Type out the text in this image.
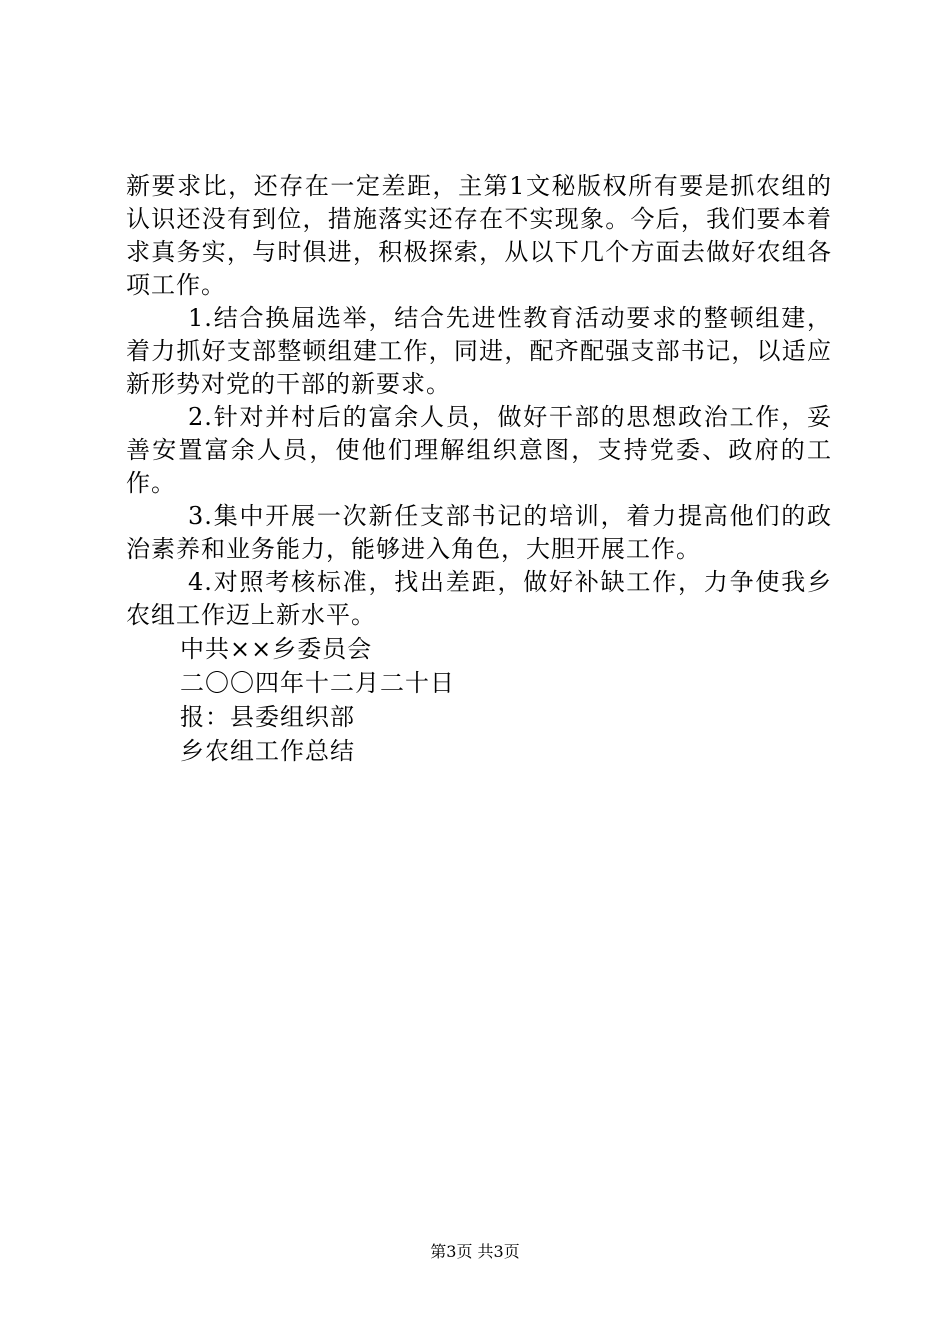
新要求比，还存在一定差距，主第1文秘版权所有要是抓农组的认识还没有到位，措施落实还存在不实现象。今后，我们要本着求真务实，与时俱进，积极探索，从以下几个方面去做好农组各项工作。

1.结合换届选举，结合先进性教育活动要求的整顿组建，着力抓好支部整顿组建工作，同进，配齐配强支部书记，以适应新形势对党的干部的新要求。

2.针对并村后的富余人员，做好干部的思想政治工作，妥善安置富余人员，使他们理解组织意图，支持党委、政府的工作。

3.集中开展一次新任支部书记的培训，着力提高他们的政治素养和业务能力，能够进入角色，大胆开展工作。

4.对照考核标准，找出差距，做好补缺工作，力争使我乡农组工作迈上新水平。

中共××乡委员会

二〇〇四年十二月二十日

报：县委组织部

乡农组工作总结

第3页 共3页
